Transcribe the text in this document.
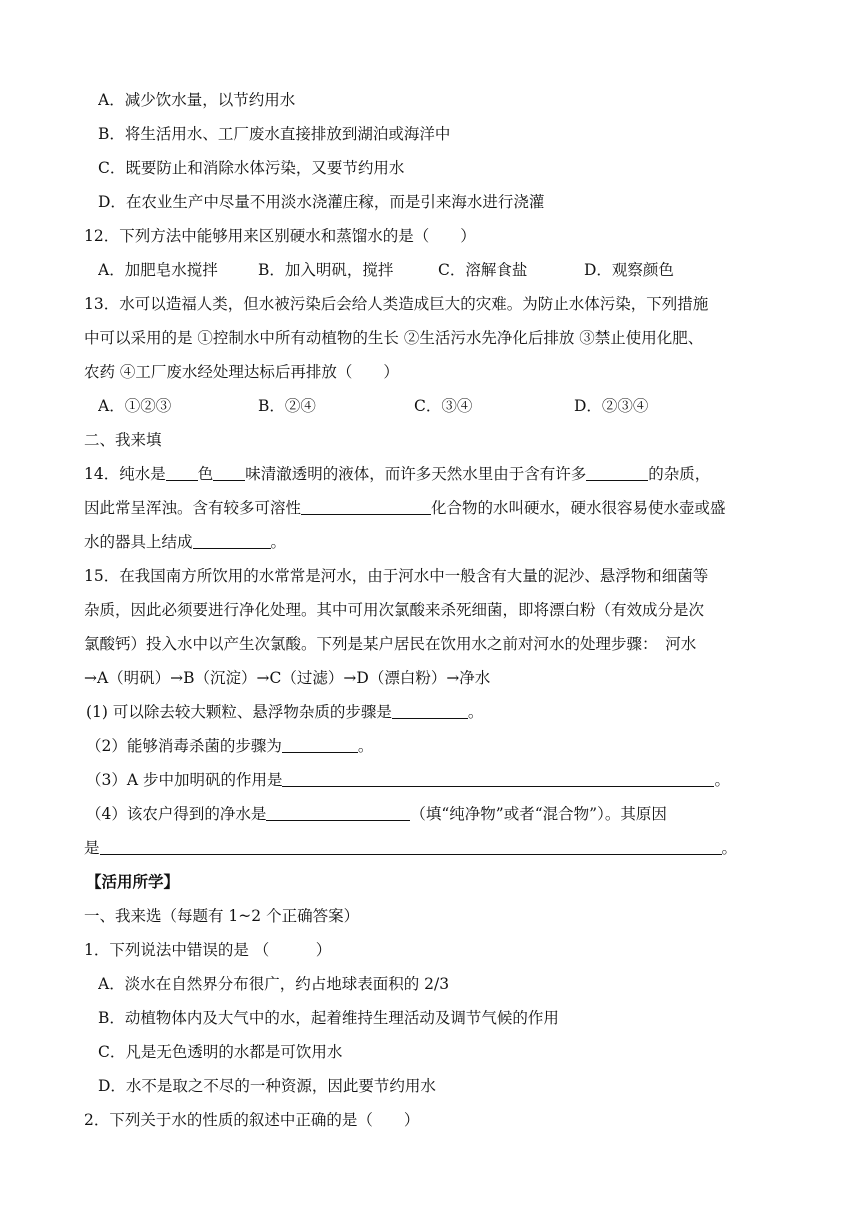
A．减少饮水量，以节约用水
B．将生活用水、工厂废水直接排放到湖泊或海洋中
C．既要防止和消除水体污染，又要节约用水
D．在农业生产中尽量不用淡水浇灌庄稼，而是引来海水进行浇灌
12．下列方法中能够用来区别硬水和蒸馏水的是（　　）
A．加肥皂水搅拌	B．加入明矾，搅拌	C．溶解食盐	D．观察颜色
13．水可以造福人类，但水被污染后会给人类造成巨大的灾难。为防止水体污染，下列措施
中可以采用的是 ①控制水中所有动植物的生长 ②生活污水先净化后排放 ③禁止使用化肥、
农药 ④工厂废水经处理达标后再排放（　　）
A．①②③	B．②④	C．③④	D．②③④
二、我来填
14．纯水是 色 味清澈透明的液体，而许多天然水里由于含有许多	的杂质，
因此常呈浑浊。含有较多可溶性	化合物的水叫硬水，硬水很容易使水壶或盛
水的器具上结成	。
15．在我国南方所饮用的水常常是河水，由于河水中一般含有大量的泥沙、悬浮物和细菌等
杂质，因此必须要进行净化处理。其中可用次氯酸来杀死细菌，即将漂白粉（有效成分是次
氯酸钙）投入水中以产生次氯酸。下列是某户居民在饮用水之前对河水的处理步骤：　河水
→A（明矾）→B（沉淀）→C（过滤）→D（漂白粉）→净水
(1) 可以除去较大颗粒、悬浮物杂质的步骤是	。
（2）能够消毒杀菌的步骤为	。
（3）A 步中加明矾的作用是	。
（4）该农户得到的净水是	（填“纯净物”或者“混合物”）。其原因
是	。
【活用所学】
一、我来选（每题有 1~2 个正确答案）
1．下列说法中错误的是 （　　　）
A．淡水在自然界分布很广，约占地球表面积的 2/3
B．动植物体内及大气中的水，起着维持生理活动及调节气候的作用
C．凡是无色透明的水都是可饮用水
D．水不是取之不尽的一种资源，因此要节约用水
2．下列关于水的性质的叙述中正确的是（　　）
